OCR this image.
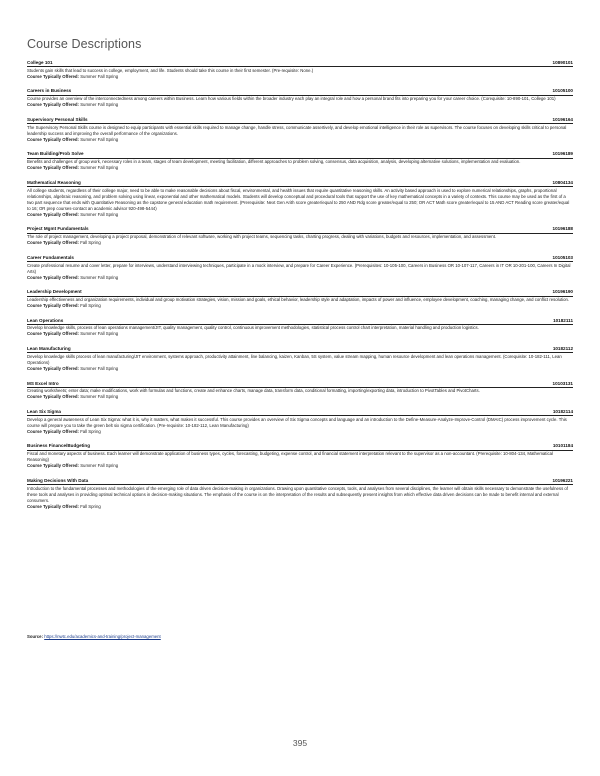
Course Descriptions
College 101	10890101
Students gain skills that lead to success in college, employment, and life. Students should take this course in their first semester. (Pre-requisite: None.)
Course Typically Offered: Summer Fall Spring
Careers in Business	10105100
Course provides an overview of the interconnectedness among careers within Business. Learn how various fields within the broader industry each play an integral role and how a personal brand fits into preparing you for your career choice. (Corequisite: 10-890-101, College 101)
Course Typically Offered: Summer Fall Spring
Supervisory Personal Skills	10196164
The Supervisory Personal Skills course is designed to equip participants with essential skills required to manage change, handle stress, communicate assertively, and develop emotional intelligence in their role as supervisors. The course focuses on developing skills critical to personal leadership success and improving the overall performance of the organizations.
Course Typically Offered: Summer Fall Spring
Team Building/Prob Solve	10196189
Benefits and challenges of group work, necessary roles in a team, stages of team development, meeting facilitation, different approaches to problem solving, consensus, data acquisition, analysis, developing alternative solutions, implementation and evaluation.
Course Typically Offered: Summer Fall Spring
Mathematical Reasoning	10804134
All college students, regardless of their college major, need to be able to make reasonable decisions about fiscal, environmental, and health issues that require quantitative reasoning skills. An activity based approach is used to explore numerical relationships, graphs, proportional relationships, algebraic reasoning, and problem solving using linear, exponential and other mathematical models. Students will develop conceptual and procedural tools that support the use of key mathematical concepts in a variety of contexts. This course may be used as the first of a two part sequence that ends with Quantitative Reasoning as the capstone general education math requirement. (Prerequisite: Next Gen Arith score greater/equal to 250 AND Rdg score greater/equal to 250; OR ACT Math score greater/equal to 15 AND ACT Reading score greater/equal to 16; OR prep courses-contact an academic advisor 920-498-5444)
Course Typically Offered: Summer Fall Spring
Project Mgmt Fundamentals	10196188
The role of project management, developing a project proposal, demonstration of relevant software, working with project teams, sequencing tasks, charting progress, dealing with variations, budgets and resources, implementation, and assessment.
Course Typically Offered: Fall Spring
Career Fundamentals	10105103
Create professional resume and cover letter, prepare for interviews, understand interviewing techniques, participate in a mock interview, and prepare for Career Experience. (Prerequisites: 10-105-100, Careers in Business OR 10-107-117, Careers in IT OR 10-201-100, Careers In Digital Arts)
Course Typically Offered: Summer Fall Spring
Leadership Development	10196190
Leadership effectiveness and organization requirements, individual and group motivation strategies, vision, mission and goals, ethical behavior, leadership style and adaptation, impacts of power and influence, employee development, coaching, managing change, and conflict resolution.
Course Typically Offered: Fall Spring
Lean Operations	10182111
Develop knowledge skills, process of lean operations management/JIT, quality management, quality control, continuous improvement methodologies, statistical process control chart interpretation, material handling and production logistics.
Course Typically Offered: Summer Fall Spring
Lean Manufacturing	10182112
Develop knowledge skills process of lean manufacturing/JIT environment, systems approach, productivity attainment, line balancing, kaizen, Kanban, 5S system, value stream mapping, human resource development and lean operations management. (Corequisite: 10-182-111, Lean Operations)
Course Typically Offered: Summer Fall Spring
MS Excel Intro	10103131
Creating worksheets; enter data; make modifications, work with formulas and functions, create and enhance charts, manage data, transform data, conditional formatting, importing/exporting data, introduction to PivotTables and PivotCharts.
Course Typically Offered: Summer Fall Spring
Lean Six Sigma	10182114
Develop a general awareness of Lean Six Sigma: what it is, why it matters, what makes it successful. This course provides an overview of Six Sigma concepts and language and an introduction to the Define-Measure-Analyze-Improve-Control (DMAIC) process improvement cycle. This course will prepare you to take the green belt six sigma certification. (Pre-requisite: 10-182-112, Lean Manufacturing)
Course Typically Offered: Fall Spring
Business Finance/Budgeting	10101184
Fiscal and monetary aspects of business. Each learner will demonstrate application of business types, cycles, forecasting, budgeting, expense control, and financial statement interpretation relevant to the supervisor as a non-accountant. (Prerequisite: 10-804-134, Mathematical Reasoning)
Course Typically Offered: Summer Fall Spring
Making Decisions With Data	10196221
Introduction to the fundamental processes and methodologies of the emerging role of data driven decision-making in organizations. Drawing upon quantitative concepts, tools, and analyses from several disciplines, the learner will obtain skills necessary to demonstrate the usefulness of these tools and analyses in providing optimal technical options in decision-making situations. The emphasis of the course is on the interpretation of the results and subsequently present insights from which effective data driven decisions can be made to benefit internal and external consumers.
Course Typically Offered: Fall Spring
Source: https://nwtc.edu/academics-and-training/project-management
395
